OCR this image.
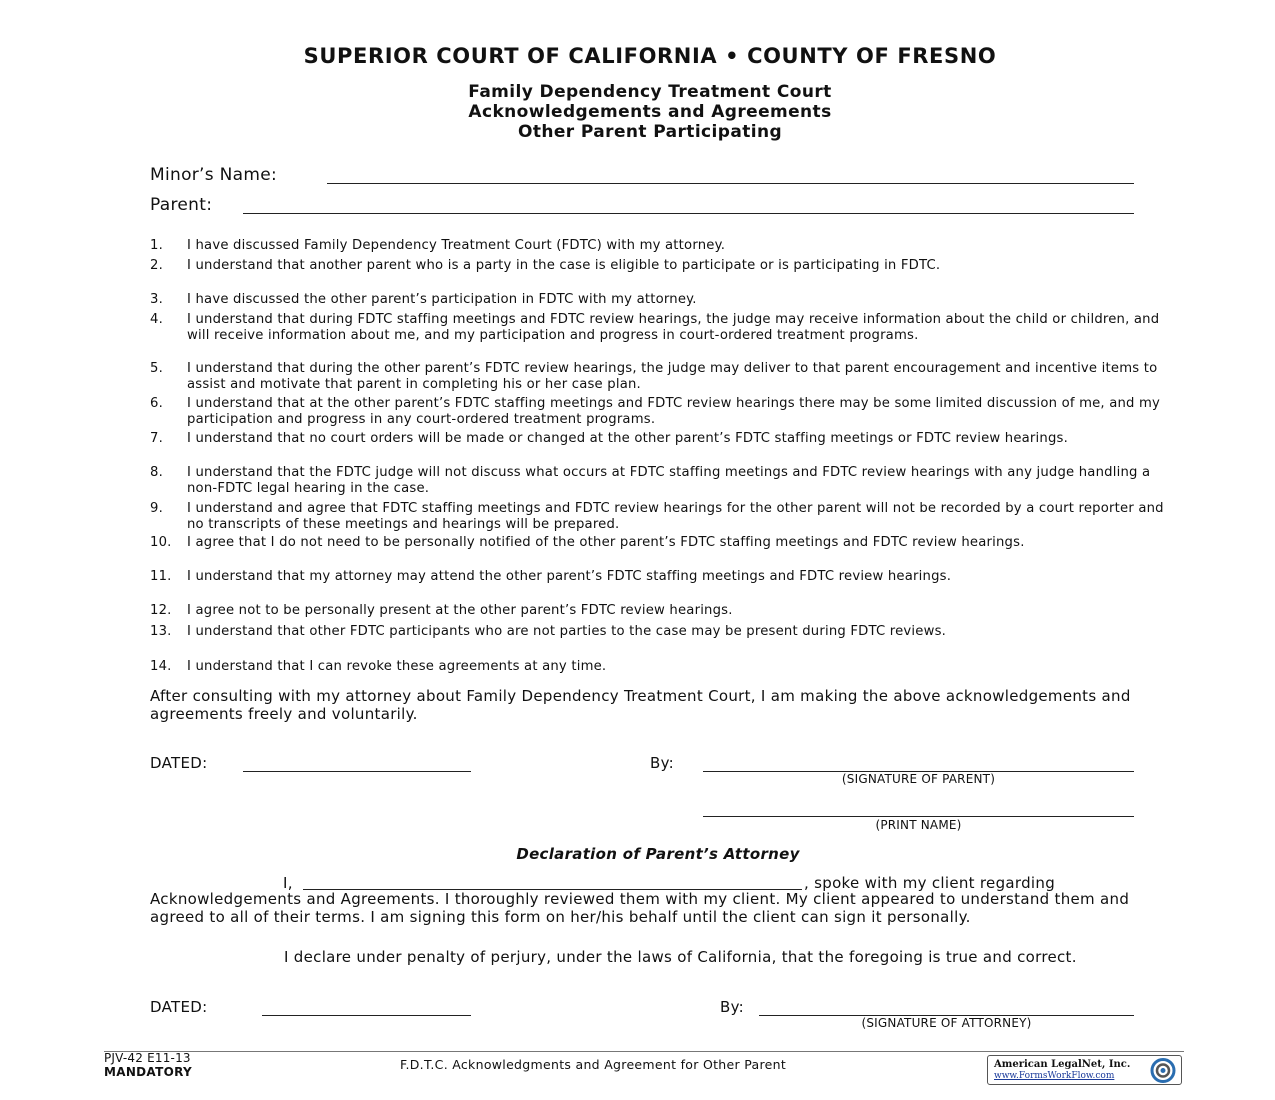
SUPERIOR COURT OF CALIFORNIA • COUNTY OF FRESNO
Family Dependency Treatment Court
Acknowledgements and Agreements
Other Parent Participating
Minor’s Name:
Parent:
1.	I have discussed Family Dependency Treatment Court (FDTC) with my attorney.
2.	I understand that another parent who is a party in the case is eligible to participate or is participating in FDTC.
3.	I have discussed the other parent’s participation in FDTC with my attorney.
4.	I understand that during FDTC staffing meetings and FDTC review hearings, the judge may receive information about the child or children, and will receive information about me, and my participation and progress in court-ordered treatment programs.
5.	I understand that during the other parent’s FDTC review hearings, the judge may deliver to that parent encouragement and incentive items to assist and motivate that parent in completing his or her case plan.
6.	I understand that at the other parent’s FDTC staffing meetings and FDTC review hearings there may be some limited discussion of me, and my participation and progress in any court-ordered treatment programs.
7.	I understand that no court orders will be made or changed at the other parent’s FDTC staffing meetings or FDTC review hearings.
8.	I understand that the FDTC judge will not discuss what occurs at FDTC staffing meetings and FDTC review hearings with any judge handling a non-FDTC legal hearing in the case.
9.	I understand and agree that FDTC staffing meetings and FDTC review hearings for the other parent will not be recorded by a court reporter and no transcripts of these meetings and hearings will be prepared.
10.	I agree that I do not need to be personally notified of the other parent’s FDTC staffing meetings and FDTC review hearings.
11.	I understand that my attorney may attend the other parent’s FDTC staffing meetings and FDTC review hearings.
12.	I agree not to be personally present at the other parent’s FDTC review hearings.
13.	I understand that other FDTC participants who are not parties to the case may be present during FDTC reviews.
14.	I understand that I can revoke these agreements at any time.
After consulting with my attorney about Family Dependency Treatment Court, I am making the above acknowledgements and agreements freely and voluntarily.
DATED:	By:
(SIGNATURE OF PARENT)
(PRINT NAME)
Declaration of Parent’s Attorney
I,	, spoke with my client regarding
Acknowledgements and Agreements. I thoroughly reviewed them with my client. My client appeared to understand them and agreed to all of their terms. I am signing this form on her/his behalf until the client can sign it personally.
I declare under penalty of perjury, under the laws of California, that the foregoing is true and correct.
DATED:	By:
(SIGNATURE OF ATTORNEY)
PJV-42 E11-13
MANDATORY	F.D.T.C. Acknowledgments and Agreement for Other Parent	American LegalNet, Inc.
www.FormsWorkFlow.com
